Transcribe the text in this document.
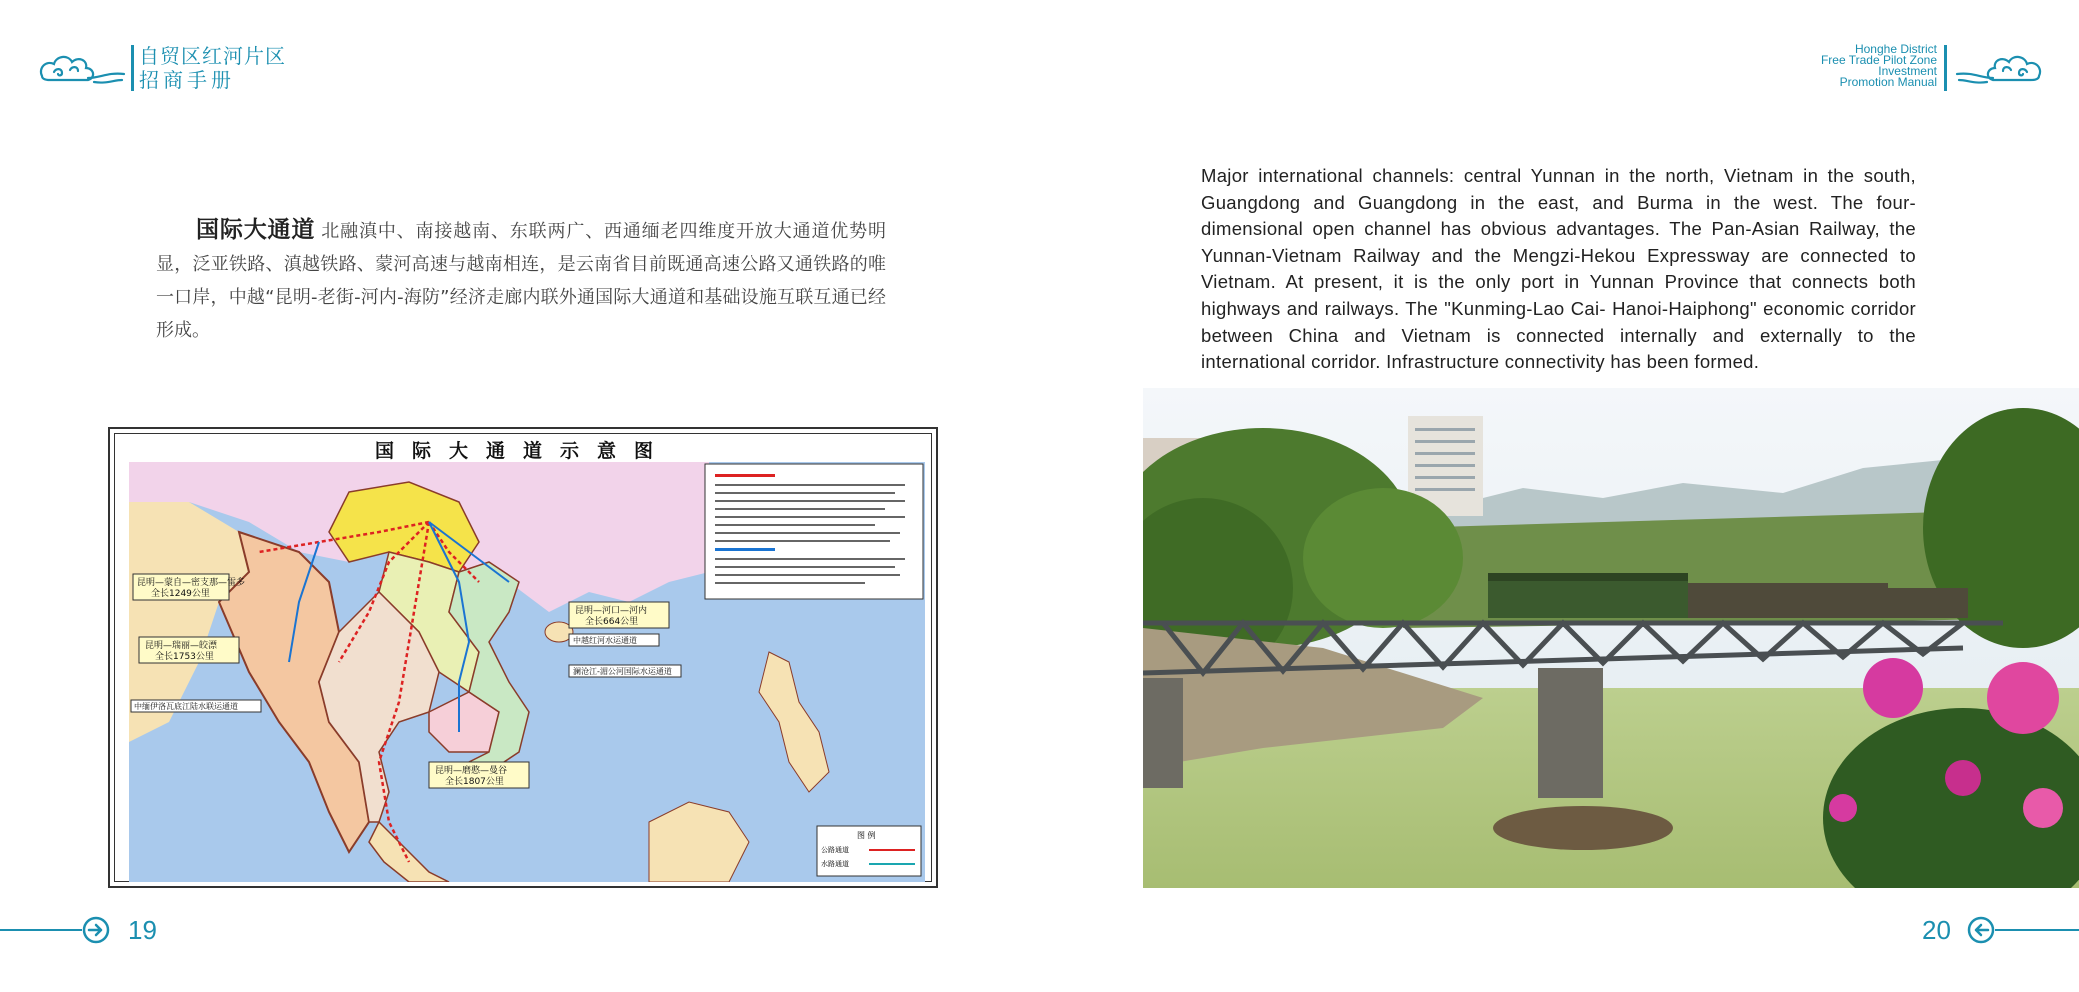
自贸区红河片区
招商手册
Honghe District
Free Trade Pilot Zone
Investment
Promotion Manual
国际大通道 北融滇中、南接越南、东联两广、西通缅老四维度开放大通道优势明显，泛亚铁路、滇越铁路、蒙河高速与越南相连，是云南省目前既通高速公路又通铁路的唯一口岸，中越“昆明-老街-河内-海防”经济走廊内联外通国际大通道和基础设施互联互通已经形成。
国际大通道示意图
昆明—蒙自—密支那—雷多
全长1249公里
昆明—瑞丽—皎漂
全长1753公里
昆明—河口—河内
全长664公里
昆明—磨憨—曼谷
全长1807公里
中越红河水运通道
澜沧江-湄公河国际水运通道
中缅伊洛瓦底江陆水联运通道
图 例
公路通道
水路通道
Major international channels: central Yunnan in the north, Vietnam in the south, Guangdong and Guangdong in the east, and Burma in the west. The four-dimensional open channel has obvious advantages. The Pan-Asian Railway, the Yunnan-Vietnam Railway and the Mengzi-Hekou Expressway are connected to Vietnam. At present, it is the only port in Yunnan Province that connects both highways and railways. The "Kunming-Lao Cai- Hanoi-Haiphong" economic corridor between China and Vietnam is connected internally and externally to the international corridor. Infrastructure connectivity has been formed.
19	20
